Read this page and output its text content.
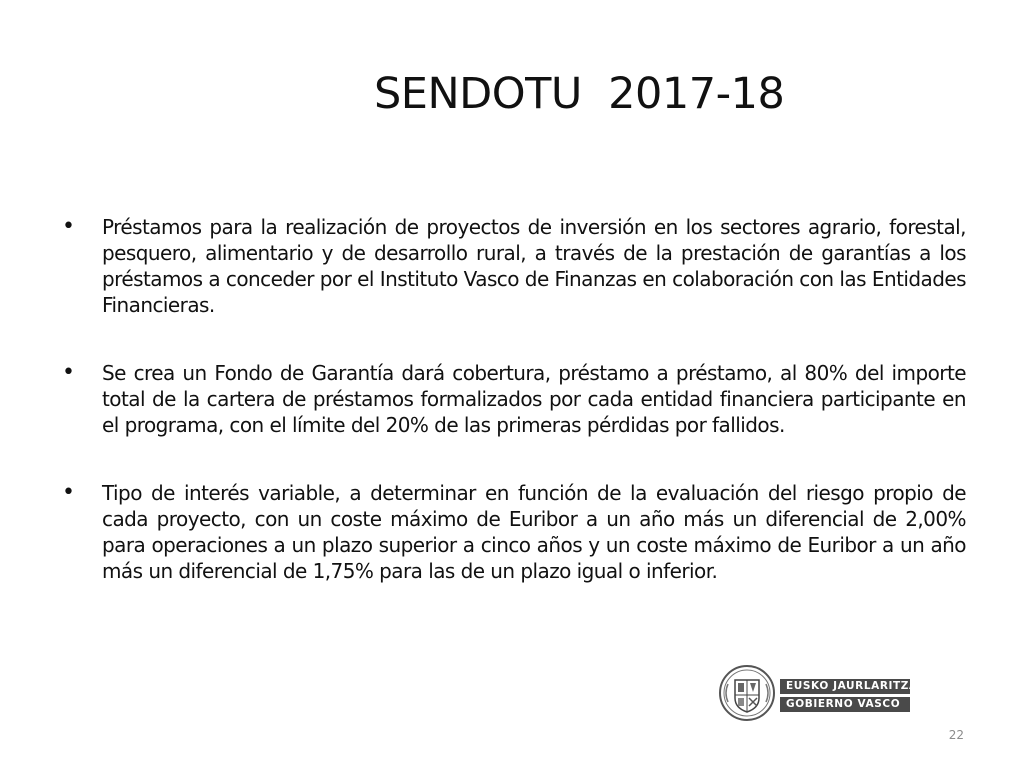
SENDOTU  2017-18
• Préstamos para la realización de proyectos de inversión en los sectores agrario, forestal, pesquero, alimentario y de desarrollo rural, a través de la prestación de garantías a los préstamos a conceder por el Instituto Vasco de Finanzas en colaboración con las Entidades Financieras.
• Se crea un Fondo de Garantía dará cobertura, préstamo a préstamo, al 80% del importe total de la cartera de préstamos formalizados por cada entidad financiera participante en el programa, con el límite del 20% de las primeras pérdidas por fallidos.
• Tipo de interés variable, a determinar en función de la evaluación del riesgo propio de cada proyecto, con un coste máximo de Euribor a un año más un diferencial de 2,00% para operaciones a un plazo superior a cinco años y un coste máximo de Euribor a un año más un diferencial de 1,75% para las de un plazo igual o inferior.
EUSKO JAURLARITZA
GOBIERNO VASCO
22
